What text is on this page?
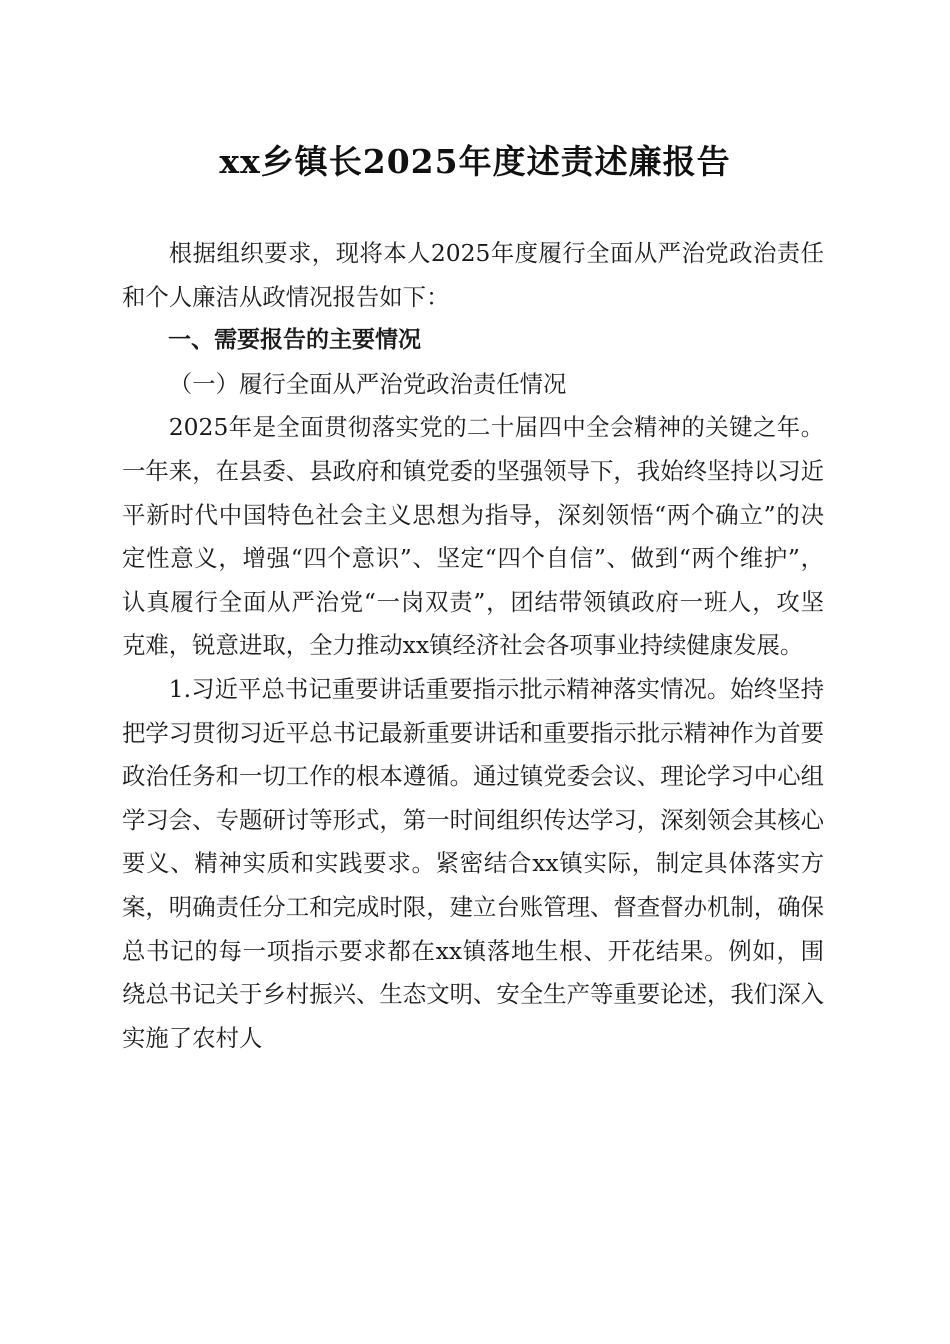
xx乡镇长2025年度述责述廉报告

根据组织要求，现将本人2025年度履行全面从严治党政治责任和个人廉洁从政情况报告如下：

一、需要报告的主要情况

（一）履行全面从严治党政治责任情况

2025年是全面贯彻落实党的二十届四中全会精神的关键之年。一年来，在县委、县政府和镇党委的坚强领导下，我始终坚持以习近平新时代中国特色社会主义思想为指导，深刻领悟“两个确立”的决定性意义，增强“四个意识”、坚定“四个自信”、做到“两个维护”，认真履行全面从严治党“一岗双责”，团结带领镇政府一班人，攻坚克难，锐意进取，全力推动xx镇经济社会各项事业持续健康发展。

1.习近平总书记重要讲话重要指示批示精神落实情况。始终坚持把学习贯彻习近平总书记最新重要讲话和重要指示批示精神作为首要政治任务和一切工作的根本遵循。通过镇党委会议、理论学习中心组学习会、专题研讨等形式，第一时间组织传达学习，深刻领会其核心要义、精神实质和实践要求。紧密结合xx镇实际，制定具体落实方案，明确责任分工和完成时限，建立台账管理、督查督办机制，确保总书记的每一项指示要求都在xx镇落地生根、开花结果。例如，围绕总书记关于乡村振兴、生态文明、安全生产等重要论述，我们深入实施了农村人
